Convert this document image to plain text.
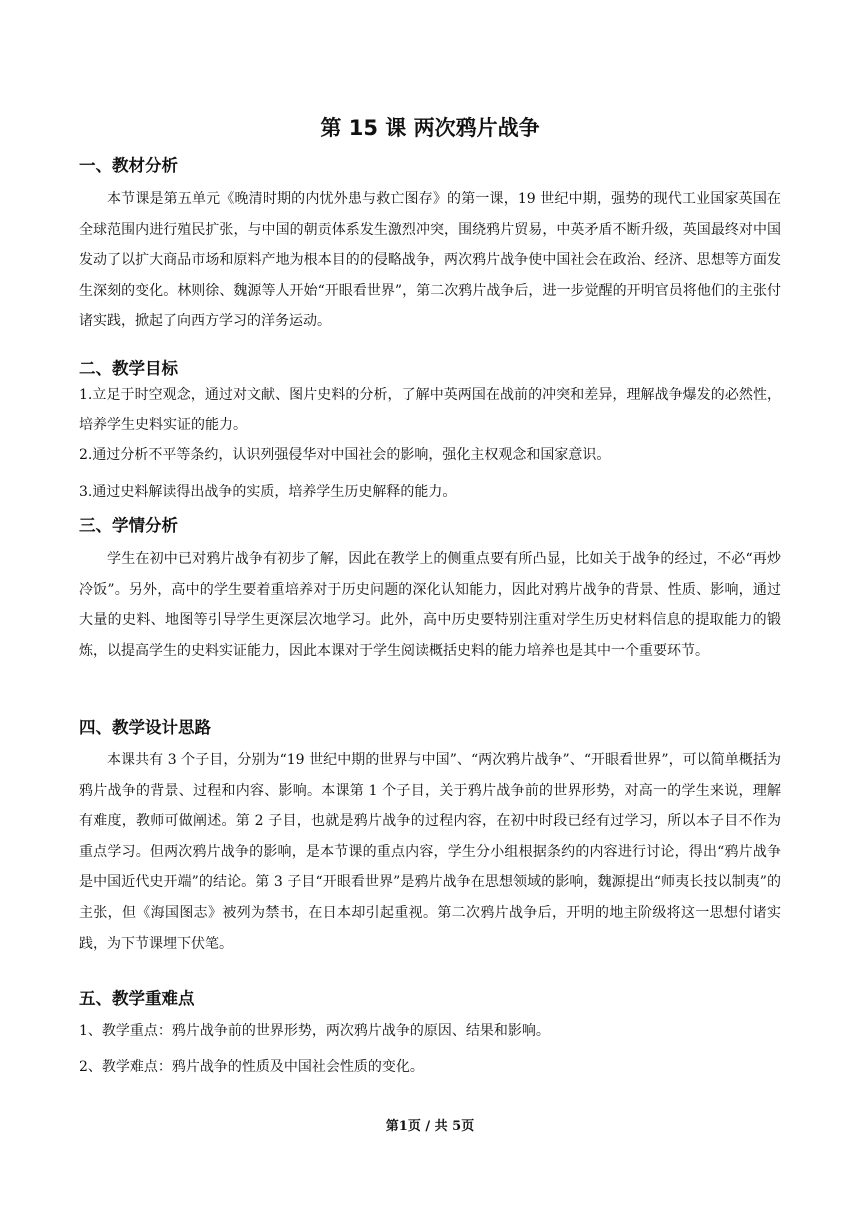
第 15 课 两次鸦片战争
一、教材分析
本节课是第五单元《晚清时期的内忧外患与救亡图存》的第一课，19 世纪中期，强势的现代工业国家英国在全球范围内进行殖民扩张，与中国的朝贡体系发生激烈冲突，围绕鸦片贸易，中英矛盾不断升级，英国最终对中国发动了以扩大商品市场和原料产地为根本目的的侵略战争，两次鸦片战争使中国社会在政治、经济、思想等方面发生深刻的变化。林则徐、魏源等人开始“开眼看世界”，第二次鸦片战争后，进一步觉醒的开明官员将他们的主张付诸实践，掀起了向西方学习的洋务运动。
二、教学目标
1.立足于时空观念，通过对文献、图片史料的分析，了解中英两国在战前的冲突和差异，理解战争爆发的必然性，培养学生史料实证的能力。
2.通过分析不平等条约，认识列强侵华对中国社会的影响，强化主权观念和国家意识。
3.通过史料解读得出战争的实质，培养学生历史解释的能力。
三、学情分析
学生在初中已对鸦片战争有初步了解，因此在教学上的侧重点要有所凸显，比如关于战争的经过，不必“再炒冷饭”。另外，高中的学生要着重培养对于历史问题的深化认知能力，因此对鸦片战争的背景、性质、影响，通过大量的史料、地图等引导学生更深层次地学习。此外，高中历史要特别注重对学生历史材料信息的提取能力的锻炼，以提高学生的史料实证能力，因此本课对于学生阅读概括史料的能力培养也是其中一个重要环节。
四、教学设计思路
本课共有 3 个子目，分别为“19 世纪中期的世界与中国”、“两次鸦片战争”、“开眼看世界”，可以简单概括为鸦片战争的背景、过程和内容、影响。本课第 1 个子目，关于鸦片战争前的世界形势，对高一的学生来说，理解有难度，教师可做阐述。第 2 子目，也就是鸦片战争的过程内容，在初中时段已经有过学习，所以本子目不作为重点学习。但两次鸦片战争的影响，是本节课的重点内容，学生分小组根据条约的内容进行讨论，得出“鸦片战争是中国近代史开端”的结论。第 3 子目“开眼看世界”是鸦片战争在思想领域的影响，魏源提出“师夷长技以制夷”的主张，但《海国图志》被列为禁书，在日本却引起重视。第二次鸦片战争后，开明的地主阶级将这一思想付诸实践，为下节课埋下伏笔。
五、教学重难点
1、教学重点：鸦片战争前的世界形势，两次鸦片战争的原因、结果和影响。
2、教学难点：鸦片战争的性质及中国社会性质的变化。
第1页 / 共 5页
